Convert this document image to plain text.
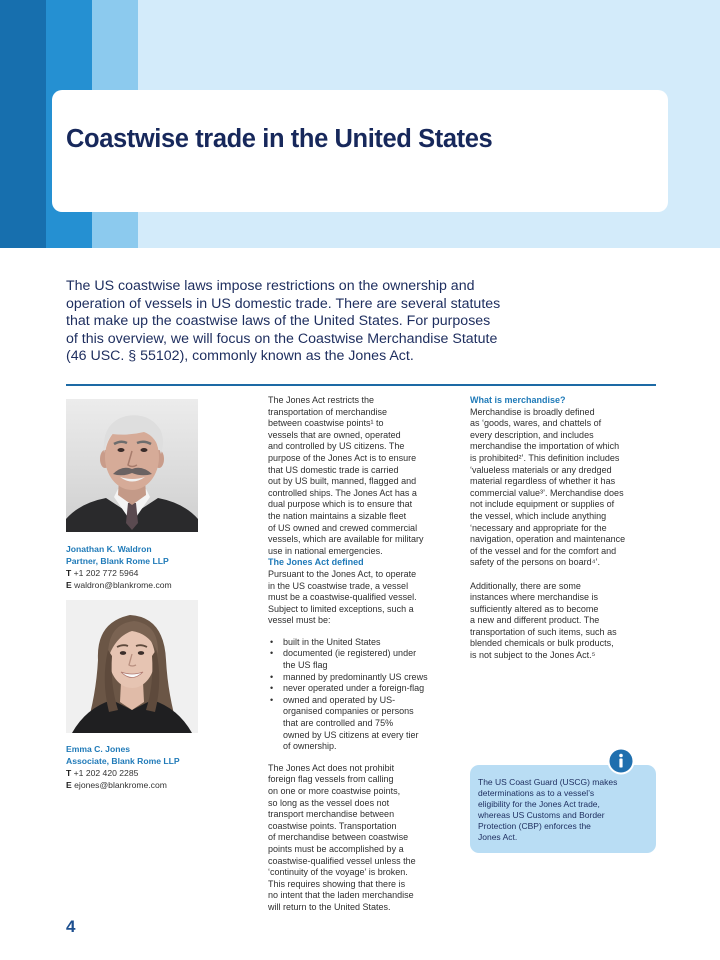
Coastwise trade in the United States

The US coastwise laws impose restrictions on the ownership and
operation of vessels in US domestic trade. There are several statutes
that make up the coastwise laws of the United States. For purposes
of this overview, we will focus on the Coastwise Merchandise Statute
(46 USC. § 55102), commonly known as the Jones Act.

Jonathan K. Waldron
Partner, Blank Rome LLP
T +1 202 772 5964
E waldron@blankrome.com
Emma C. Jones
Associate, Blank Rome LLP
T +1 202 420 2285
E ejones@blankrome.com

The Jones Act restricts the
transportation of merchandise
between coastwise points¹ to
vessels that are owned, operated
and controlled by US citizens. The
purpose of the Jones Act is to ensure
that US domestic trade is carried
out by US built, manned, flagged and
controlled ships. The Jones Act has a
dual purpose which is to ensure that
the nation maintains a sizable fleet
of US owned and crewed commercial
vessels, which are available for military
use in national emergencies.

The Jones Act defined

Pursuant to the Jones Act, to operate
in the US coastwise trade, a vessel
must be a coastwise-qualified vessel.
Subject to limited exceptions, such a
vessel must be:

• built in the United States
• documented (ie registered) under
the US flag
• manned by predominantly US crews
• never operated under a foreign-flag
• owned and operated by US-
organised companies or persons
that are controlled and 75%
owned by US citizens at every tier
of ownership.

The Jones Act does not prohibit
foreign flag vessels from calling
on one or more coastwise points,
so long as the vessel does not
transport merchandise between
coastwise points. Transportation
of merchandise between coastwise
points must be accomplished by a
coastwise-qualified vessel unless the
‘continuity of the voyage’ is broken.
This requires showing that there is
no intent that the laden merchandise
will return to the United States.

What is merchandise?

Merchandise is broadly defined
as ‘goods, wares, and chattels of
every description, and includes
merchandise the importation of which
is prohibited²’. This definition includes
‘valueless materials or any dredged
material regardless of whether it has
commercial value³’. Merchandise does
not include equipment or supplies of
the vessel, which include anything
‘necessary and appropriate for the
navigation, operation and maintenance
of the vessel and for the comfort and
safety of the persons on board⁴’.

Additionally, there are some
instances where merchandise is
sufficiently altered as to become
a new and different product. The
transportation of such items, such as
blended chemicals or bulk products,
is not subject to the Jones Act.⁵

The US Coast Guard (USCG) makes
determinations as to a vessel’s
eligibility for the Jones Act trade,
whereas US Customs and Border
Protection (CBP) enforces the
Jones Act.

4
